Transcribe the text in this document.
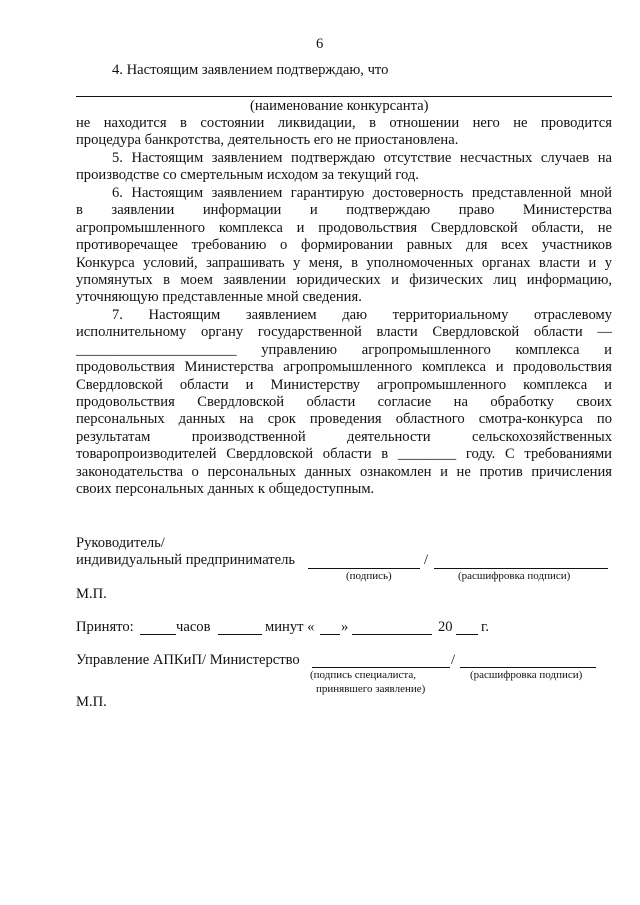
6
4. Настоящим заявлением подтверждаю, что
(наименование конкурсанта)
не находится в состоянии ликвидации, в отношении него не проводится
процедура банкротства, деятельность его не приостановлена.
5. Настоящим заявлением подтверждаю отсутствие несчастных случаев на
производстве со смертельным исходом за текущий год.
6. Настоящим заявлением гарантирую достоверность представленной мной
в заявлении информации и подтверждаю право Министерства
агропромышленного комплекса и продовольствия Свердловской области, не
противоречащее требованию о формировании равных для всех участников
Конкурса условий, запрашивать у меня, в уполномоченных органах власти и у
упомянутых в моем заявлении юридических и физических лиц информацию,
уточняющую представленные мной сведения.
7. Настоящим заявлением даю территориальному отраслевому
исполнительному органу государственной власти Свердловской области —
______________________ управлению агропромышленного комплекса и
продовольствия Министерства агропромышленного комплекса и продовольствия
Свердловской области и Министерству агропромышленного комплекса и
продовольствия Свердловской области согласие на обработку своих
персональных данных на срок проведения областного смотра-конкурса по
результатам производственной деятельности сельскохозяйственных
товаропроизводителей Свердловской области в ________ году. С требованиями
законодательства о персональных данных ознакомлен и не против причисления
своих персональных данных к общедоступным.
Руководитель/
индивидуальный предприниматель	/
(подпись)	(расшифровка подписи)
М.П.
Принято:	часов	минут « »	20 г.
Управление АПКиП/ Министерство	/
(подпись специалиста,
принявшего заявление)
(расшифровка подписи)
М.П.
